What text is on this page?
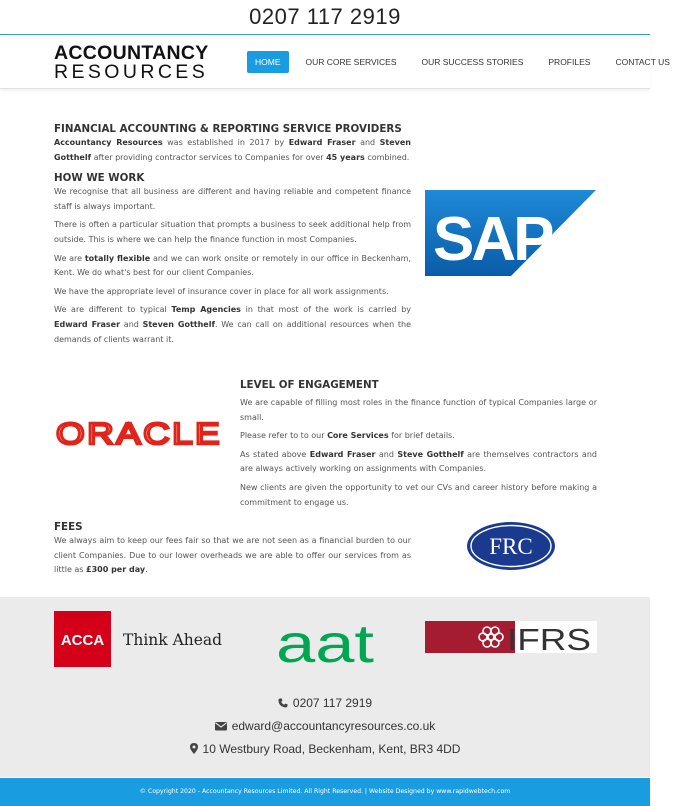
0207 117 2919
ACCOUNTANCY
RESOURCES	HOME	OUR CORE SERVICES	OUR SUCCESS STORIES	PROFILES	CONTACT US
FINANCIAL ACCOUNTING & REPORTING SERVICE PROVIDERS

Accountancy Resources was established in 2017 by Edward Fraser and Steven Gotthelf after providing contractor services to Companies for over 45 years combined.

HOW WE WORK

We recognise that all business are different and having reliable and competent finance staff is always important.

There is often a particular situation that prompts a business to seek additional help from outside. This is where we can help the finance function in most Companies.

We are totally flexible and we can work onsite or remotely in our office in Beckenham, Kent. We do what's best for our client Companies.

We have the appropriate level of insurance cover in place for all work assignments.

We are different to typical Temp Agencies in that most of the work is carried by Edward Fraser and Steven Gotthelf. We can call on additional resources when the demands of clients warrant it.

SAP
ORACLE
LEVEL OF ENGAGEMENT

We are capable of filling most roles in the finance function of typical Companies large or small.

Please refer to to our Core Services for brief details.

As stated above Edward Fraser and Steve Gotthelf are themselves contractors and are always actively working on assignments with Companies.

New clients are given the opportunity to vet our CVs and career history before making a commitment to engage us.

FEES

We always aim to keep our fees fair so that we are not seen as a financial burden to our client Companies. Due to our lower overheads we are able to offer our services from as little as £300 per day.

FRC
ACCA Think Ahead aat	IFRS
0207 117 2919
edward@accountancyresources.co.uk
10 Westbury Road, Beckenham, Kent, BR3 4DD
© Copyright 2020 - Accountancy Resources Limited. All Right Reserved. | Website Designed by www.rapidwebtech.com
